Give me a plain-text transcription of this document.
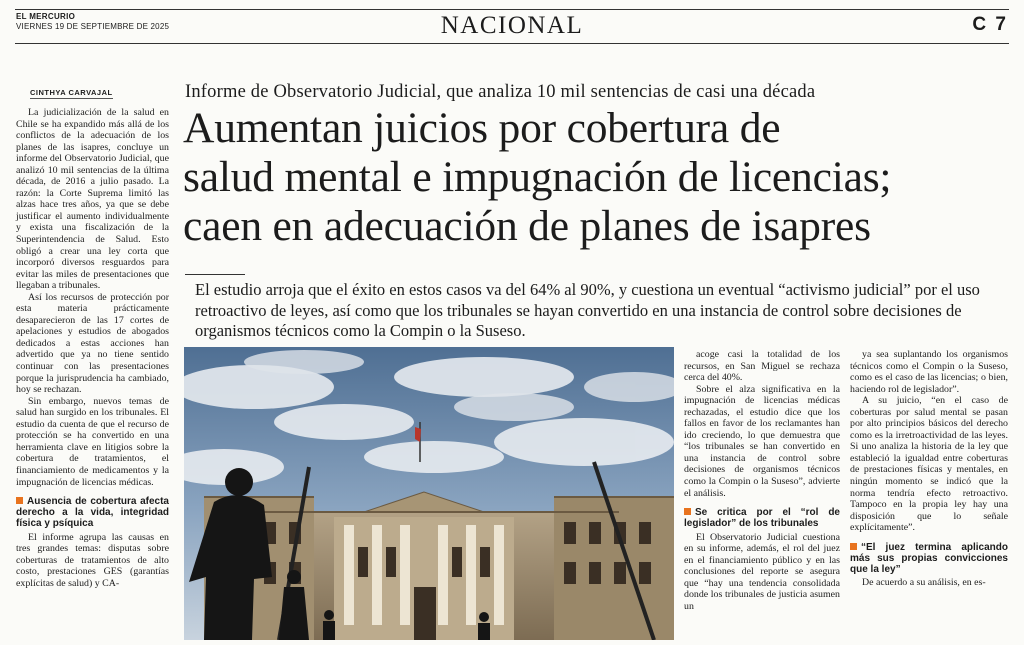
EL MERCURIO
VIERNES 19 DE SEPTIEMBRE DE 2025	NACIONAL	C 7
CINTHYA CARVAJAL

La judicialización de la salud en Chile se ha expandido más allá de los conflictos de la adecuación de los planes de las isapres, concluye un informe del Observatorio Judicial, que analizó 10 mil sentencias de la última década, de 2016 a julio pasado. La razón: la Corte Suprema limitó las alzas hace tres años, ya que se debe justificar el aumento individualmente y exista una fiscalización de la Superintendencia de Salud. Esto obligó a crear una ley corta que incorporó diversos resguardos para evitar las miles de presentaciones que llegaban a tribunales.

Así los recursos de protección por esta materia prácticamente desaparecieron de las 17 cortes de apelaciones y estudios de abogados dedicados a estas acciones han advertido que ya no tiene sentido continuar con las presentaciones porque la jurisprudencia ha cambiado, hoy se rechazan.

Sin embargo, nuevos temas de salud han surgido en los tribunales. El estudio da cuenta de que el recurso de protección se ha convertido en una herramienta clave en litigios sobre la cobertura de tratamientos, el financiamiento de medicamentos y la impugnación de licencias médicas.

Ausencia de cobertura afecta derecho a la vida, integridad física y psíquica

El informe agrupa las causas en tres grandes temas: disputas sobre coberturas de tratamientos de alto costo, prestaciones GES (garantías explícitas de salud) y CA-

Informe de Observatorio Judicial, que analiza 10 mil sentencias de casi una década
Aumentan juicios por cobertura de
salud mental e impugnación de licencias;
caen en adecuación de planes de isapres
El estudio arroja que el éxito en estos casos va del 64% al 90%, y cuestiona un eventual “activismo judicial” por el uso retroactivo de leyes, así como que los tribunales se hayan convertido en una instancia de control sobre decisiones de organismos técnicos como la Compin o la Suseso.

acoge casi la totalidad de los recursos, en San Miguel se rechaza cerca del 40%.

Sobre el alza significativa en la impugnación de licencias médicas rechazadas, el estudio dice que los fallos en favor de los reclamantes han ido creciendo, lo que demuestra que “los tribunales se han convertido en una instancia de control sobre decisiones de organismos técnicos como la Compin o la Suseso”, advierte el análisis.

Se critica por el “rol de legislador” de los tribunales

El Observatorio Judicial cuestiona en su informe, además, el rol del juez en el financiamiento público y en las conclusiones del reporte se asegura que “hay una tendencia consolidada donde los tribunales de justicia asumen un

ya sea suplantando los organismos técnicos como el Compin o la Suseso, como es el caso de las licencias; o bien, haciendo rol de legislador”.

A su juicio, “en el caso de coberturas por salud mental se pasan por alto principios básicos del derecho como es la irretroactividad de las leyes. Si uno analiza la historia de la ley que estableció la igualdad entre coberturas de prestaciones físicas y mentales, en ningún momento se indicó que la norma tendría efecto retroactivo. Tampoco en la propia ley hay una disposición que lo señale explícitamente”.

“El juez termina aplicando más sus propias convicciones que la ley”

De acuerdo a su análisis, en es-
